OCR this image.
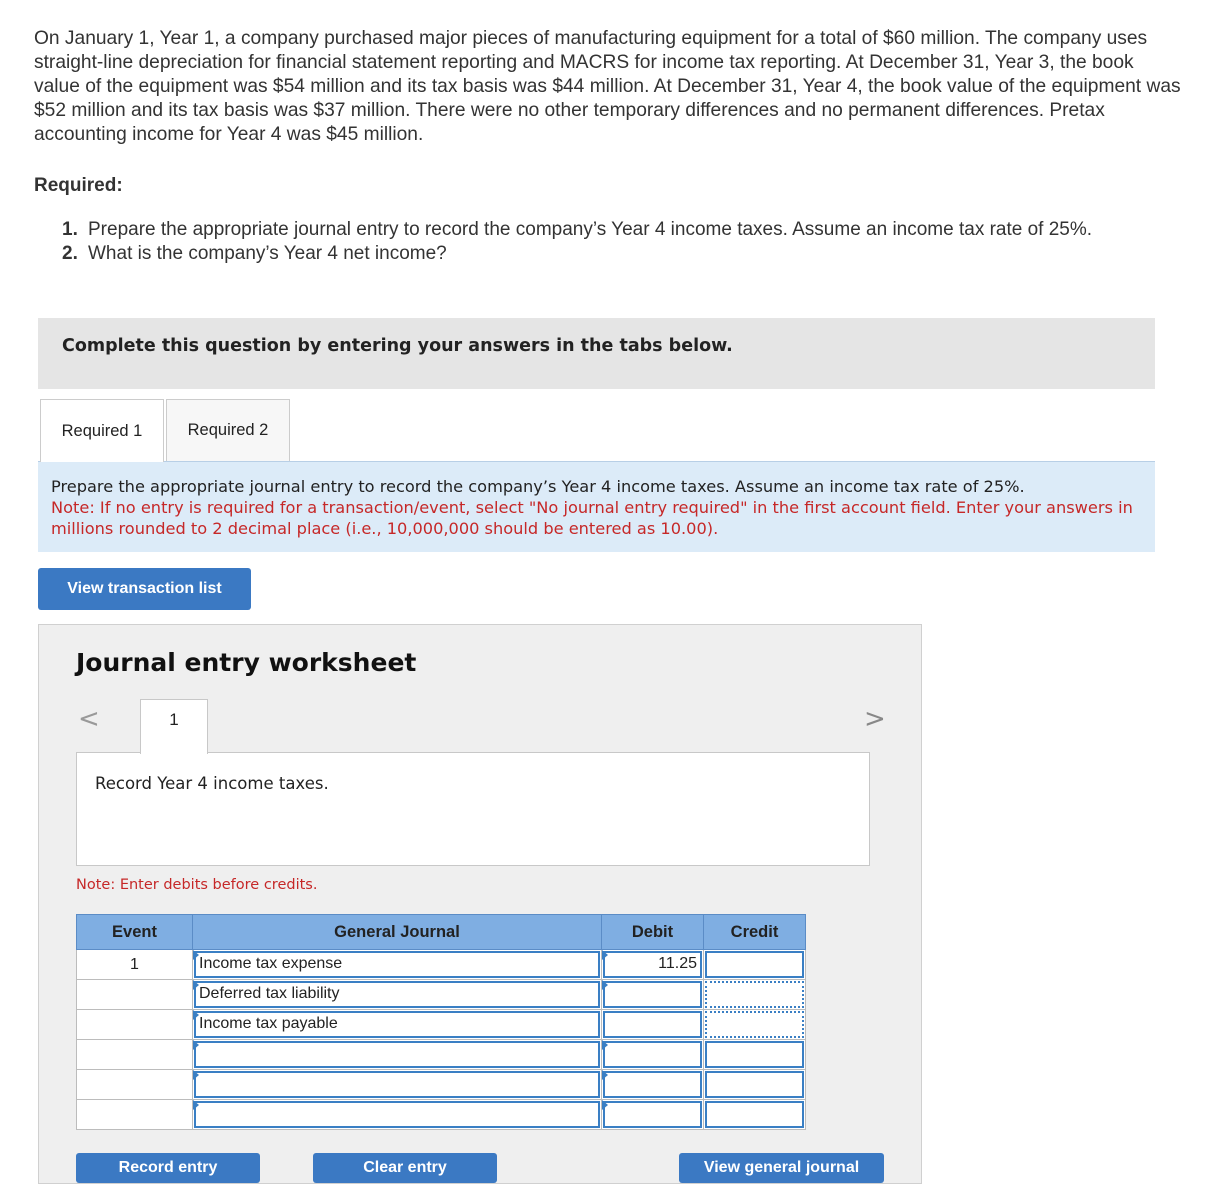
On January 1, Year 1, a company purchased major pieces of manufacturing equipment for a total of $60 million. The company uses straight-line depreciation for financial statement reporting and MACRS for income tax reporting. At December 31, Year 3, the book value of the equipment was $54 million and its tax basis was $44 million. At December 31, Year 4, the book value of the equipment was $52 million and its tax basis was $37 million. There were no other temporary differences and no permanent differences. Pretax accounting income for Year 4 was $45 million.
Required:
1. Prepare the appropriate journal entry to record the company’s Year 4 income taxes. Assume an income tax rate of 25%.
2. What is the company’s Year 4 net income?
Complete this question by entering your answers in the tabs below.
Required 1	Required 2

Prepare the appropriate journal entry to record the company’s Year 4 income taxes. Assume an income tax rate of 25%.

Note: If no entry is required for a transaction/event, select "No journal entry required" in the first account field. Enter your answers in

millions rounded to 2 decimal place (i.e., 10,000,000 should be entered as 10.00).

View transaction list
Journal entry worksheet
<	>
1
Record Year 4 income taxes.
Note: Enter debits before credits.
Event	General Journal	Debit	Credit
1	Income tax expense	11.25	

	Deferred tax liability		

	Income tax payable		

Record entry	Clear entry	View general journal
